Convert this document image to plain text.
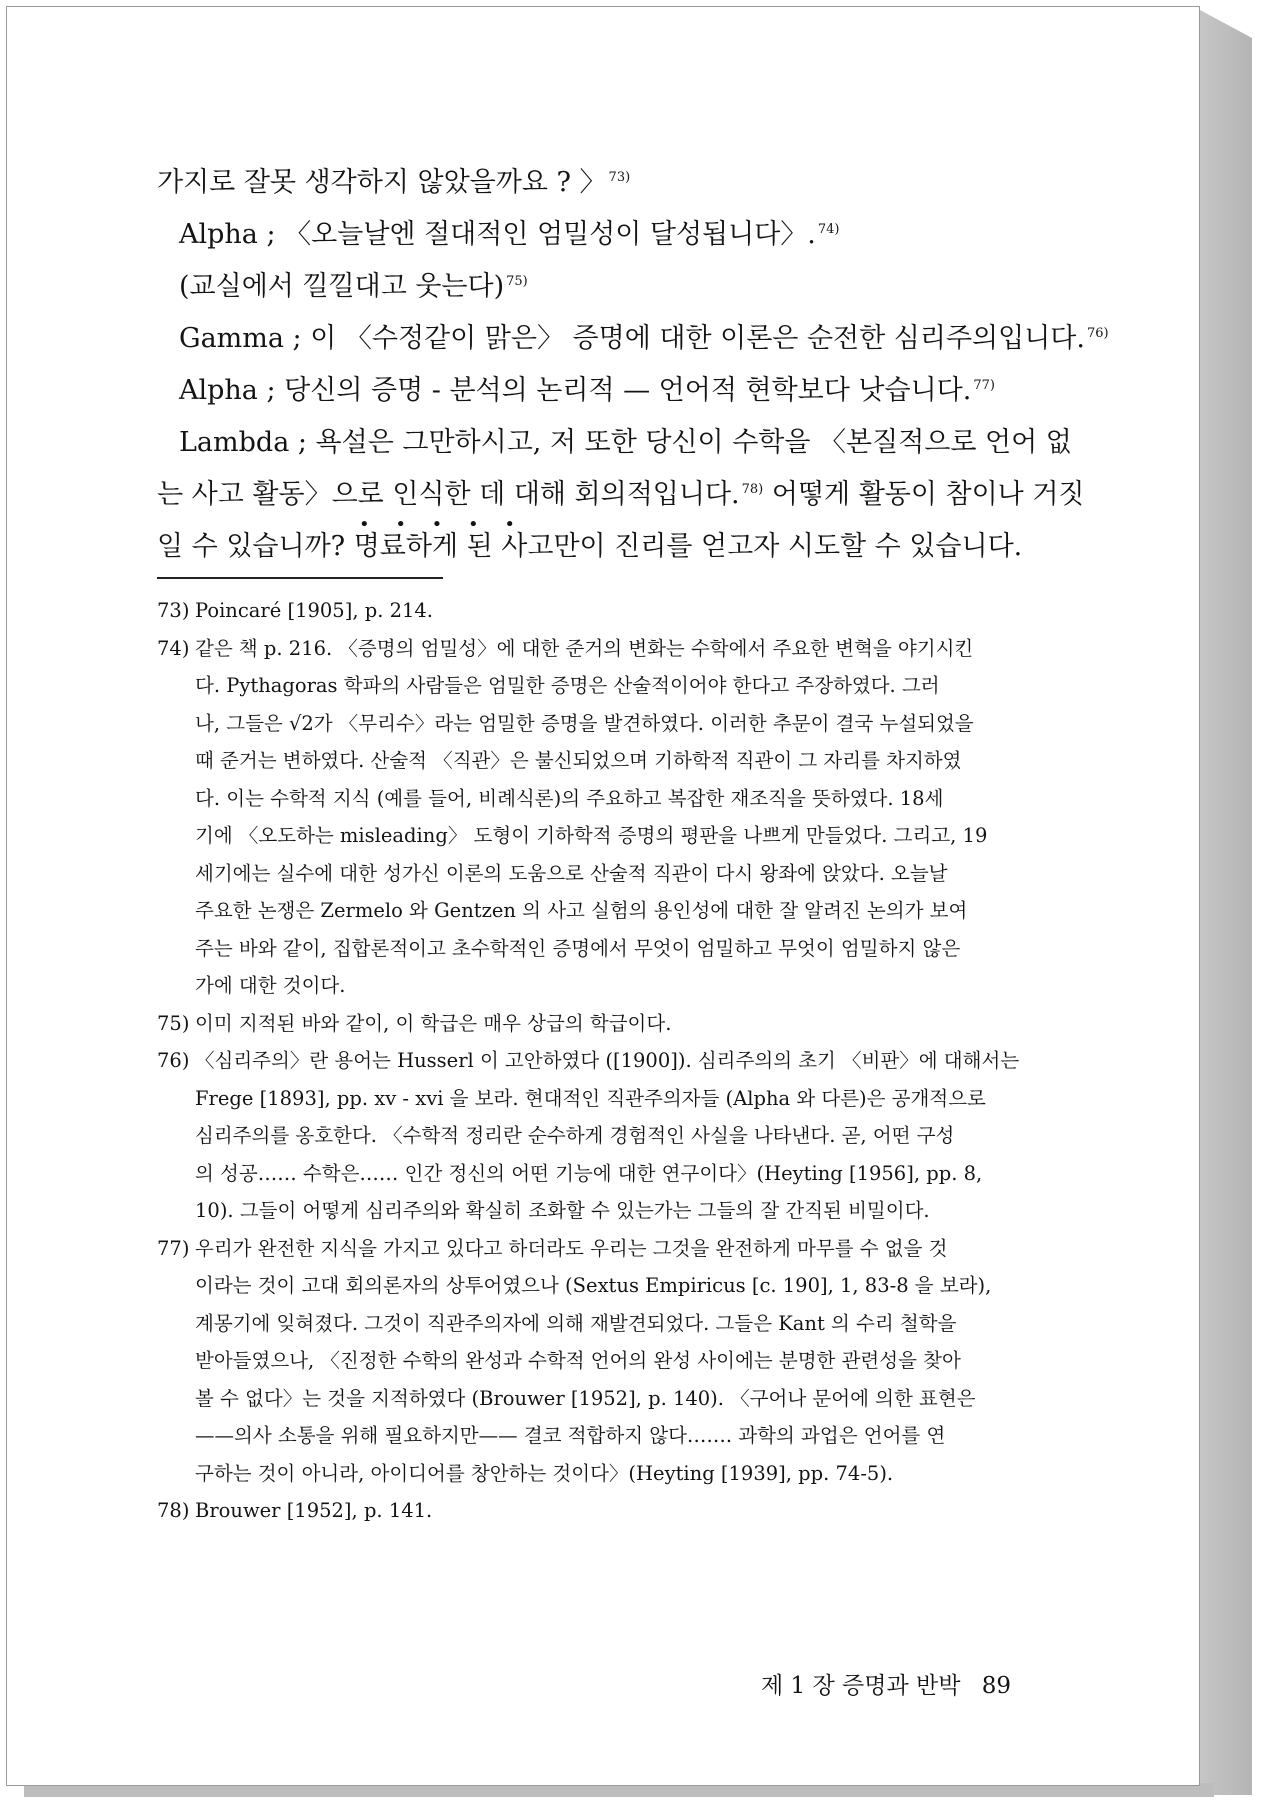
가지로 잘못 생각하지 않았을까요 ? 〉 $^{73)}$

Alpha ; 〈오늘날엔 절대적인 엄밀성이 달성됩니다〉. $^{74)}$

(교실에서 낄낄대고 웃는다) $^{75)}$

Gamma ; 이 〈수정같이 맑은〉 증명에 대한 이론은 순전한 심리주의입니다. $^{76)}$

Alpha ; 당신의 증명 - 분석의 논리적 — 언어적 현학보다 낫습니다. $^{77)}$

Lambda ; 욕설은 그만하시고, 저 또한 당신이 수학을 〈본질적으로 언어 없

는 사고 활동〉으로 인식한 데 대해 회의적입니다. $^{78)}$ 어떻게 활동이 참이나 거짓

일 수 있습니까? 명료하게 된 사고만이 진리를 얻고자 시도할 수 있습니다.
• • • • •

73) Poincaré [1905], p. 214.
74) 같은 책 p. 216. 〈증명의 엄밀성〉에 대한 준거의 변화는 수학에서 주요한 변혁을 야기시킨
다. Pythagoras 학파의 사람들은 엄밀한 증명은 산술적이어야 한다고 주장하였다. 그러
나, 그들은 √2가 〈무리수〉라는 엄밀한 증명을 발견하였다. 이러한 추문이 결국 누설되었을
때 준거는 변하였다. 산술적 〈직관〉은 불신되었으며 기하학적 직관이 그 자리를 차지하였
다. 이는 수학적 지식 (예를 들어, 비례식론)의 주요하고 복잡한 재조직을 뜻하였다. 18세
기에 〈오도하는 misleading〉 도형이 기하학적 증명의 평판을 나쁘게 만들었다. 그리고, 19
세기에는 실수에 대한 성가신 이론의 도움으로 산술적 직관이 다시 왕좌에 앉았다. 오늘날
주요한 논쟁은 Zermelo 와 Gentzen 의 사고 실험의 용인성에 대한 잘 알려진 논의가 보여
주는 바와 같이, 집합론적이고 초수학적인 증명에서 무엇이 엄밀하고 무엇이 엄밀하지 않은
가에 대한 것이다.
75) 이미 지적된 바와 같이, 이 학급은 매우 상급의 학급이다.
76) 〈심리주의〉란 용어는 Husserl 이 고안하였다 ([1900]). 심리주의의 초기 〈비판〉에 대해서는
Frege [1893], pp. xv - xvi 을 보라. 현대적인 직관주의자들 (Alpha 와 다른)은 공개적으로
심리주의를 옹호한다. 〈수학적 정리란 순수하게 경험적인 사실을 나타낸다. 곧, 어떤 구성
의 성공…… 수학은…… 인간 정신의 어떤 기능에 대한 연구이다〉(Heyting [1956], pp. 8,
10). 그들이 어떻게 심리주의와 확실히 조화할 수 있는가는 그들의 잘 간직된 비밀이다.
77) 우리가 완전한 지식을 가지고 있다고 하더라도 우리는 그것을 완전하게 마무를 수 없을 것
이라는 것이 고대 회의론자의 상투어였으나 (Sextus Empiricus [c. 190], 1, 83-8 을 보라),
계몽기에 잊혀졌다. 그것이 직관주의자에 의해 재발견되었다. 그들은 Kant 의 수리 철학을
받아들였으나, 〈진정한 수학의 완성과 수학적 언어의 완성 사이에는 분명한 관련성을 찾아
볼 수 없다〉는 것을 지적하였다 (Brouwer [1952], p. 140). 〈구어나 문어에 의한 표현은
——의사 소통을 위해 필요하지만—— 결코 적합하지 않다……. 과학의 과업은 언어를 연
구하는 것이 아니라, 아이디어를 창안하는 것이다〉(Heyting [1939], pp. 74-5).
78) Brouwer [1952], p. 141.
제 1 장 증명과 반박 89
